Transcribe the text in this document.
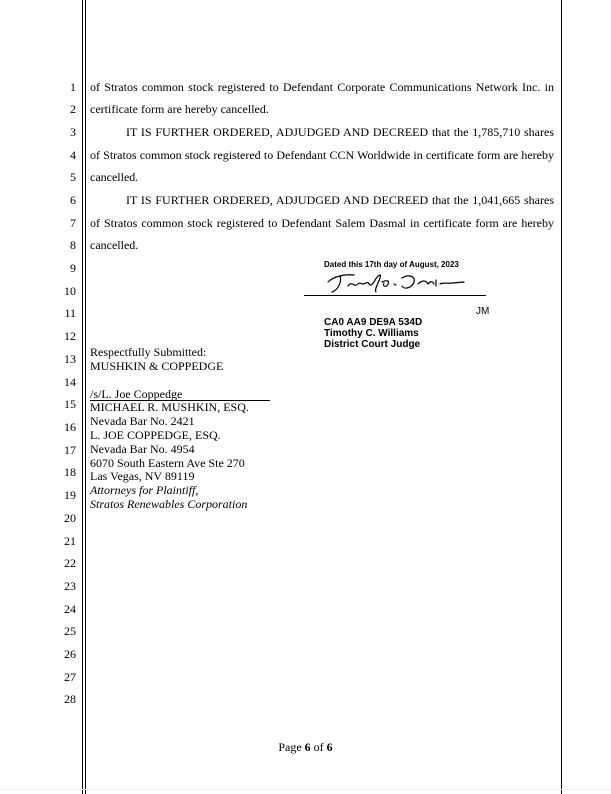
1
2
3
4
5
6
7
8
9
10
11
12
13
14
15
16
17
18
19
20
21
22
23
24
25
26
27
28
of Stratos common stock registered to Defendant Corporate Communications Network Inc. in
certificate form are hereby cancelled.
IT IS FURTHER ORDERED, ADJUDGED AND DECREED that the 1,785,710 shares
of Stratos common stock registered to Defendant CCN Worldwide in certificate form are hereby
cancelled.
IT IS FURTHER ORDERED, ADJUDGED AND DECREED that the 1,041,665 shares
of Stratos common stock registered to Defendant Salem Dasmal in certificate form are hereby
cancelled.
Dated this 17th day of August, 2023
JM
CA0 AA9 DE9A 534D
Timothy C. Williams
District Court Judge
Respectfully Submitted:
MUSHKIN & COPPEDGE
/s/L. Joe Coppedge
MICHAEL R. MUSHKIN, ESQ.
Nevada Bar No. 2421
L. JOE COPPEDGE, ESQ.
Nevada Bar No. 4954
6070 South Eastern Ave Ste 270
Las Vegas, NV 89119
Attorneys for Plaintiff,
Stratos Renewables Corporation
Page 6 of 6
